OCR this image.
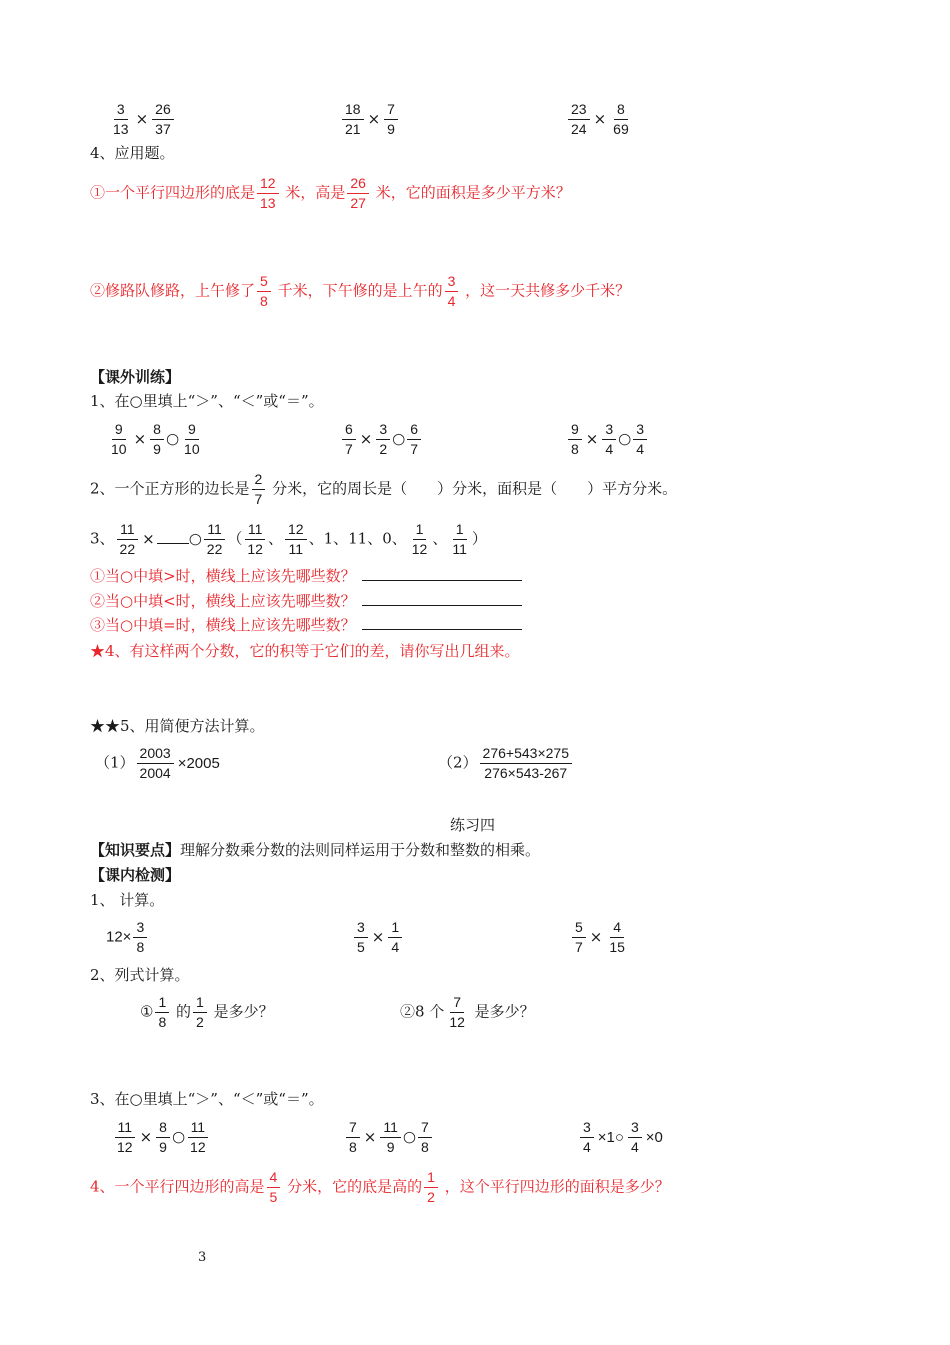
$\frac{3}{13} \times \frac{26}{37}$	$\frac{18}{21} \times \frac{7}{9}$	$\frac{23}{24} \times \frac{8}{69}$
4、应用题。
①一个平行四边形的底是 $\frac{12}{13}$ 米，高是 $\frac{26}{27}$ 米，它的面积是多少平方米？
②修路队修路，上午修了 $\frac{5}{8}$ 千米，下午修的是上午的 $\frac{3}{4}$ ，这一天共修多少千米？
【课外训练】
1、在○里填上“＞”、“＜”或“＝”。
$\frac{9}{10} \times \frac{8}{9}$ ○ $\frac{9}{10}$	$\frac{6}{7} \times \frac{3}{2}$ ○ $\frac{6}{7}$	$\frac{9}{8} \times \frac{3}{4}$ ○ $\frac{3}{4}$
2、一个正方形的边长是 $\frac{2}{7}$ 分米，它的周长是（　　）分米，面积是（　　）平方分米。
3、 $\frac{11}{22}$ × ○ $\frac{11}{22}$ （ $\frac{11}{12}$ 、 $\frac{12}{11}$ 、1、11、0、 $\frac{1}{12}$ 、 $\frac{1}{11}$ ）
①当○中填>时，横线上应该先哪些数？
②当○中填<时，横线上应该先哪些数？
③当○中填=时，横线上应该先哪些数？
★4、有这样两个分数，它的积等于它们的差，请你写出几组来。
★★5、用简便方法计算。
$(1) \frac{2003}{2004} \times 2005$	$(2) \frac{276+543\times 275}{276\times 543-267}$
练习四
【知识要点】理解分数乘分数的法则同样运用于分数和整数的相乘。
【课内检测】
1、 计算。
$12\times \frac{3}{8}$	$\frac{3}{5} \times \frac{1}{4}$	$\frac{5}{7} \times \frac{4}{15}$
2、列式计算。
① $\frac{1}{8}$ 的 $\frac{1}{2}$ 是多少？	②8 个 $\frac{7}{12}$ 是多少？
3、在○里填上“＞”、“＜”或“＝”。
$\frac{11}{12} \times \frac{8}{9}$ ○ $\frac{11}{12}$	$\frac{7}{8} \times \frac{11}{9}$ ○ $\frac{7}{8}$	$\frac{3}{4}$ ×1○ $\frac{3}{4} \times 0$
4、一个平行四边形的高是 $\frac{4}{5}$ 分米，它的底是高的 $\frac{1}{2}$ ，这个平行四边形的面积是多少？
3
